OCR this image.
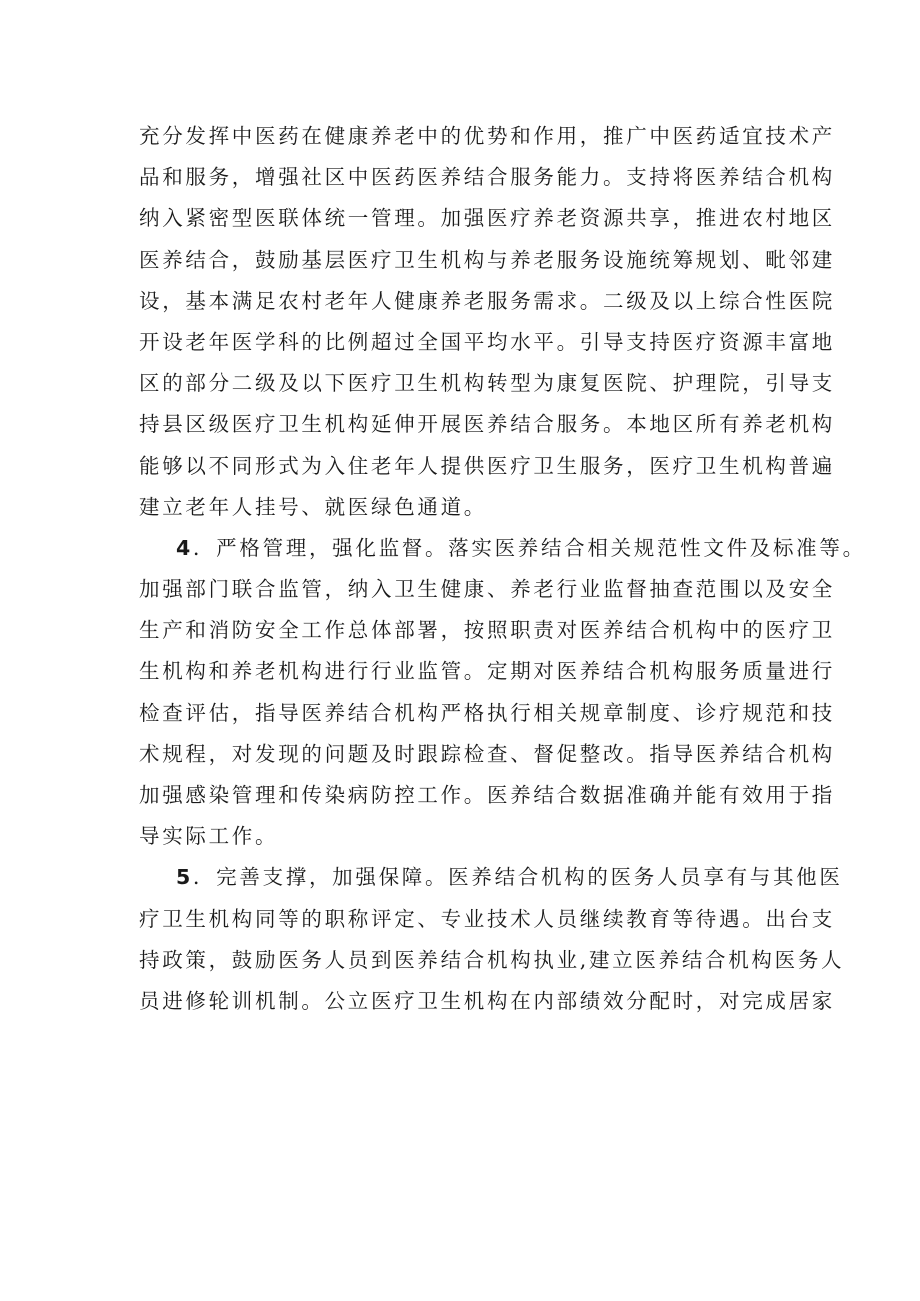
充分发挥中医药在健康养老中的优势和作用，推广中医药适宜技术产
品和服务，增强社区中医药医养结合服务能力。支持将医养结合机构
纳入紧密型医联体统一管理。加强医疗养老资源共享，推进农村地区
医养结合，鼓励基层医疗卫生机构与养老服务设施统筹规划、毗邻建
设，基本满足农村老年人健康养老服务需求。二级及以上综合性医院
开设老年医学科的比例超过全国平均水平。引导支持医疗资源丰富地
区的部分二级及以下医疗卫生机构转型为康复医院、护理院，引导支
持县区级医疗卫生机构延伸开展医养结合服务。本地区所有养老机构
能够以不同形式为入住老年人提供医疗卫生服务，医疗卫生机构普遍
建立老年人挂号、就医绿色通道。
4．严格管理，强化监督。落实医养结合相关规范性文件及标准等。
加强部门联合监管，纳入卫生健康、养老行业监督抽查范围以及安全
生产和消防安全工作总体部署，按照职责对医养结合机构中的医疗卫
生机构和养老机构进行行业监管。定期对医养结合机构服务质量进行
检查评估，指导医养结合机构严格执行相关规章制度、诊疗规范和技
术规程，对发现的问题及时跟踪检查、督促整改。指导医养结合机构
加强感染管理和传染病防控工作。医养结合数据准确并能有效用于指
导实际工作。
5．完善支撑，加强保障。医养结合机构的医务人员享有与其他医
疗卫生机构同等的职称评定、专业技术人员继续教育等待遇。出台支
持政策，鼓励医务人员到医养结合机构执业,建立医养结合机构医务人
员进修轮训机制。公立医疗卫生机构在内部绩效分配时，对完成居家
